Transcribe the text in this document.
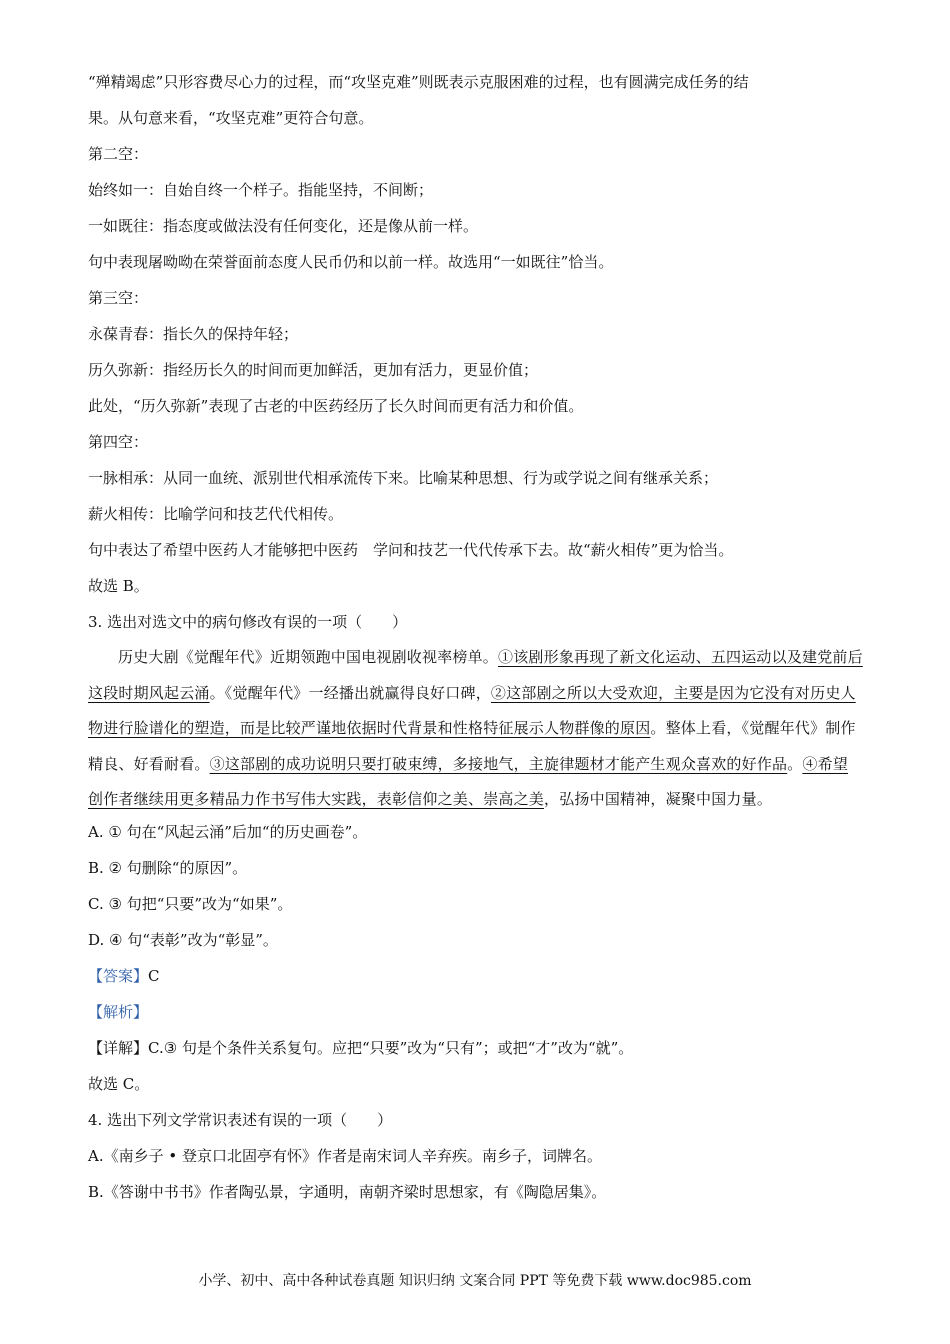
“殚精竭虑”只形容费尽心力的过程，而“攻坚克难”则既表示克服困难的过程，也有圆满完成任务的结
果。从句意来看，“攻坚克难”更符合句意。
第二空：
始终如一：自始自终一个样子。指能坚持，不间断；
一如既往：指态度或做法没有任何变化，还是像从前一样。
句中表现屠呦呦在荣誉面前态度人民币仍和以前一样。故选用“一如既往”恰当。
第三空：
永葆青春：指长久的保持年轻；
历久弥新：指经历长久的时间而更加鲜活，更加有活力，更显价值；
此处，“历久弥新”表现了古老的中医药经历了长久时间而更有活力和价值。
第四空：
一脉相承：从同一血统、派别世代相承流传下来。比喻某种思想、行为或学说之间有继承关系；
薪火相传：比喻学问和技艺代代相传。
句中表达了希望中医药人才能够把中医药　学问和技艺一代代传承下去。故“薪火相传”更为恰当。
故选 B。
3. 选出对选文中的病句修改有误的一项（　　）
历史大剧《觉醒年代》近期领跑中国电视剧收视率榜单。①该剧形象再现了新文化运动、五四运动以及建党前后这段时期风起云涌。《觉醒年代》一经播出就赢得良好口碑，②这部剧之所以大受欢迎，主要是因为它没有对历史人物进行脸谱化的塑造，而是比较严谨地依据时代背景和性格特征展示人物群像的原因。整体上看，《觉醒年代》制作精良、好看耐看。③这部剧的成功说明只要打破束缚，多接地气，主旋律题材才能产生观众喜欢的好作品。④希望创作者继续用更多精品力作书写伟大实践，表彰信仰之美、崇高之美，弘扬中国精神，凝聚中国力量。
A. ① 句在“风起云涌”后加“的历史画卷”。
B. ② 句删除“的原因”。
C. ③ 句把“只要”改为“如果”。
D. ④ 句“表彰”改为“彰显”。
【答案】C
【解析】
【详解】C.③ 句是个条件关系复句。应把“只要”改为“只有”；或把“才”改为“就”。
故选 C。
4. 选出下列文学常识表述有误的一项（　　）
A.《南乡子 • 登京口北固亭有怀》作者是南宋词人辛弃疾。南乡子，词牌名。
B.《答谢中书书》作者陶弘景，字通明，南朝齐梁时思想家，有《陶隐居集》。
小学、初中、高中各种试卷真题 知识归纳 文案合同 PPT 等免费下载 www.doc985.com
